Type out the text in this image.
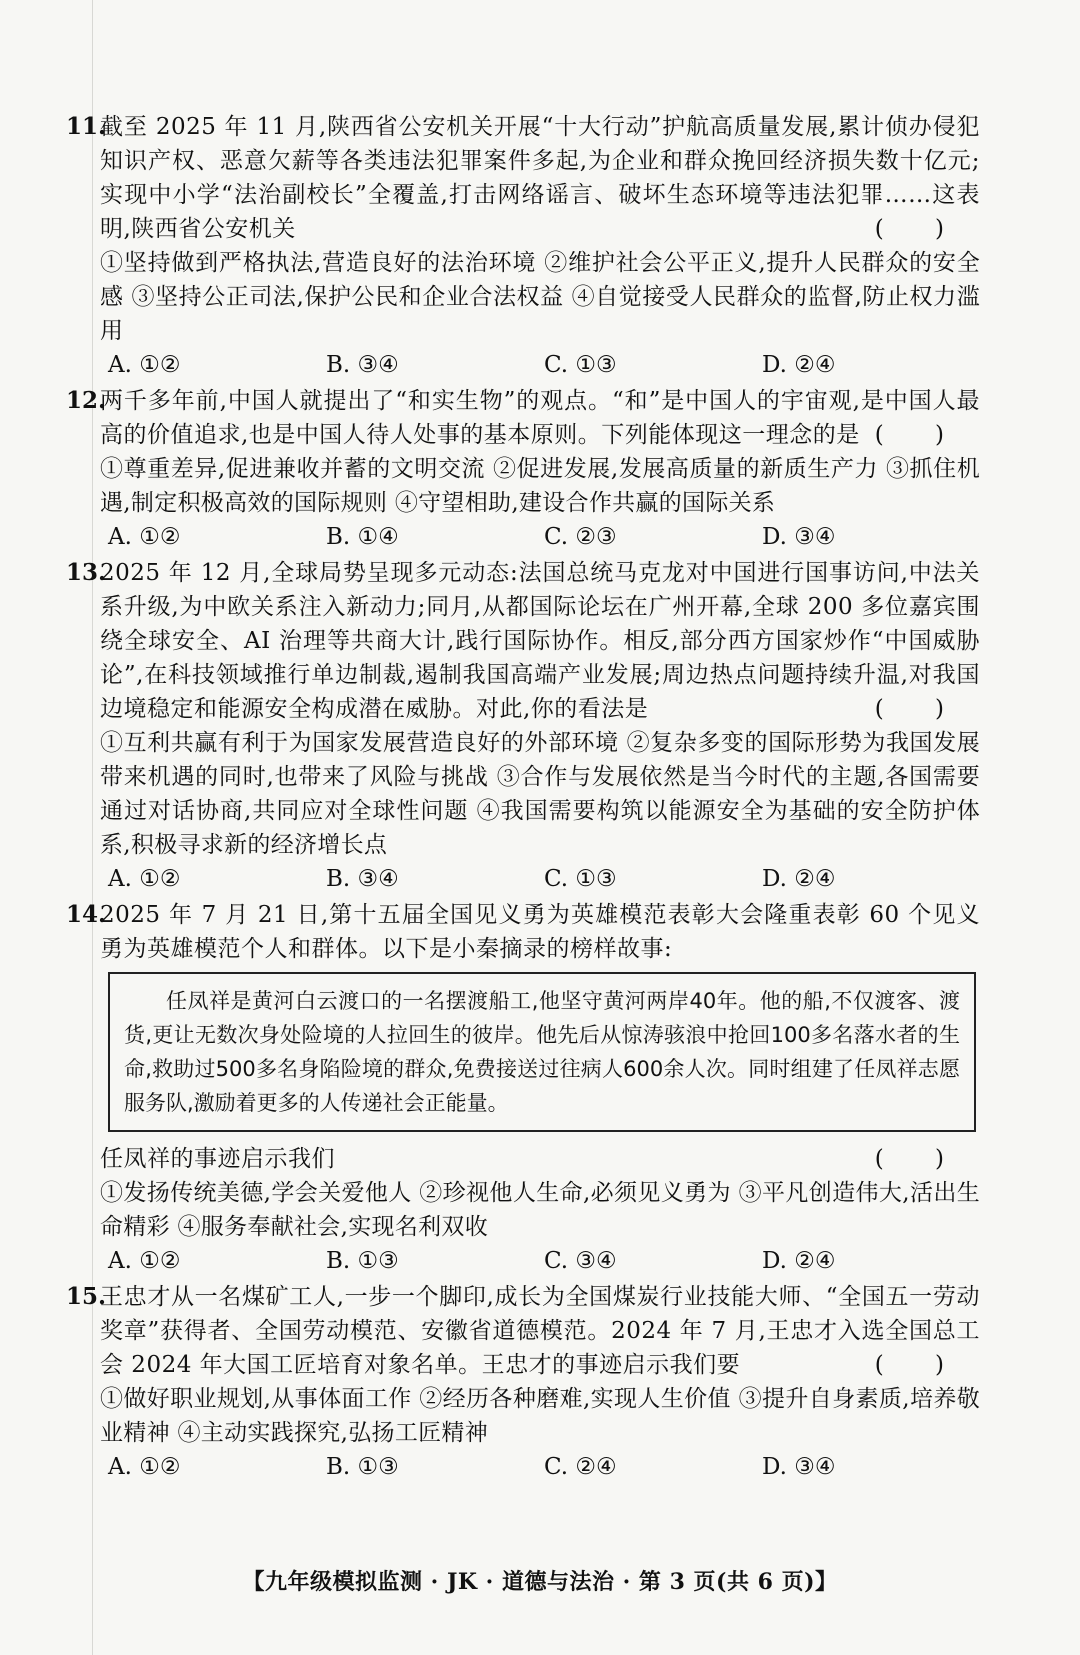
11.
截至 2025 年 11 月,陕西省公安机关开展“十大行动”护航高质量发展,累计侦办侵犯知识产权、恶意欠薪等各类违法犯罪案件多起,为企业和群众挽回经济损失数十亿元;实现中小学“法治副校长”全覆盖,打击网络谣言、破坏生态环境等违法犯罪……这表明,陕西省公安机关	( )
①坚持做到严格执法,营造良好的法治环境 ②维护社会公平正义,提升人民群众的安全感 ③坚持公正司法,保护公民和企业合法权益 ④自觉接受人民群众的监督,防止权力滥用
A. ①②	B. ③④	C. ①③	D. ②④
12.
两千多年前,中国人就提出了“和实生物”的观点。“和”是中国人的宇宙观,是中国人最高的价值追求,也是中国人待人处事的基本原则。下列能体现这一理念的是 ( )
①尊重差异,促进兼收并蓄的文明交流 ②促进发展,发展高质量的新质生产力 ③抓住机遇,制定积极高效的国际规则 ④守望相助,建设合作共赢的国际关系
A. ①②	B. ①④	C. ②③	D. ③④
13.
2025 年 12 月,全球局势呈现多元动态:法国总统马克龙对中国进行国事访问,中法关系升级,为中欧关系注入新动力;同月,从都国际论坛在广州开幕,全球 200 多位嘉宾围绕全球安全、AI 治理等共商大计,践行国际协作。相反,部分西方国家炒作“中国威胁论”,在科技领域推行单边制裁,遏制我国高端产业发展;周边热点问题持续升温,对我国边境稳定和能源安全构成潜在威胁。对此,你的看法是	( )
①互利共赢有利于为国家发展营造良好的外部环境 ②复杂多变的国际形势为我国发展带来机遇的同时,也带来了风险与挑战 ③合作与发展依然是当今时代的主题,各国需要通过对话协商,共同应对全球性问题 ④我国需要构筑以能源安全为基础的安全防护体系,积极寻求新的经济增长点
A. ①②	B. ③④	C. ①③	D. ②④
14.
2025 年 7 月 21 日,第十五届全国见义勇为英雄模范表彰大会隆重表彰 60 个见义勇为英雄模范个人和群体。以下是小秦摘录的榜样故事:

任凤祥是黄河白云渡口的一名摆渡船工,他坚守黄河两岸40年。他的船,不仅渡客、渡货,更让无数次身处险境的人拉回生的彼岸。他先后从惊涛骇浪中抢回100多名落水者的生命,救助过500多名身陷险境的群众,免费接送过往病人600余人次。同时组建了任凤祥志愿服务队,激励着更多的人传递社会正能量。

任凤祥的事迹启示我们	( )
①发扬传统美德,学会关爱他人 ②珍视他人生命,必须见义勇为 ③平凡创造伟大,活出生命精彩 ④服务奉献社会,实现名利双收
A. ①②	B. ①③	C. ③④	D. ②④
15.
王忠才从一名煤矿工人,一步一个脚印,成长为全国煤炭行业技能大师、“全国五一劳动奖章”获得者、全国劳动模范、安徽省道德模范。2024 年 7 月,王忠才入选全国总工会 2024 年大国工匠培育对象名单。王忠才的事迹启示我们要	( )
①做好职业规划,从事体面工作 ②经历各种磨难,实现人生价值 ③提升自身素质,培养敬业精神 ④主动实践探究,弘扬工匠精神
A. ①②	B. ①③	C. ②④	D. ③④
【九年级模拟监测 · JK · 道德与法治 · 第 3 页(共 6 页)】
